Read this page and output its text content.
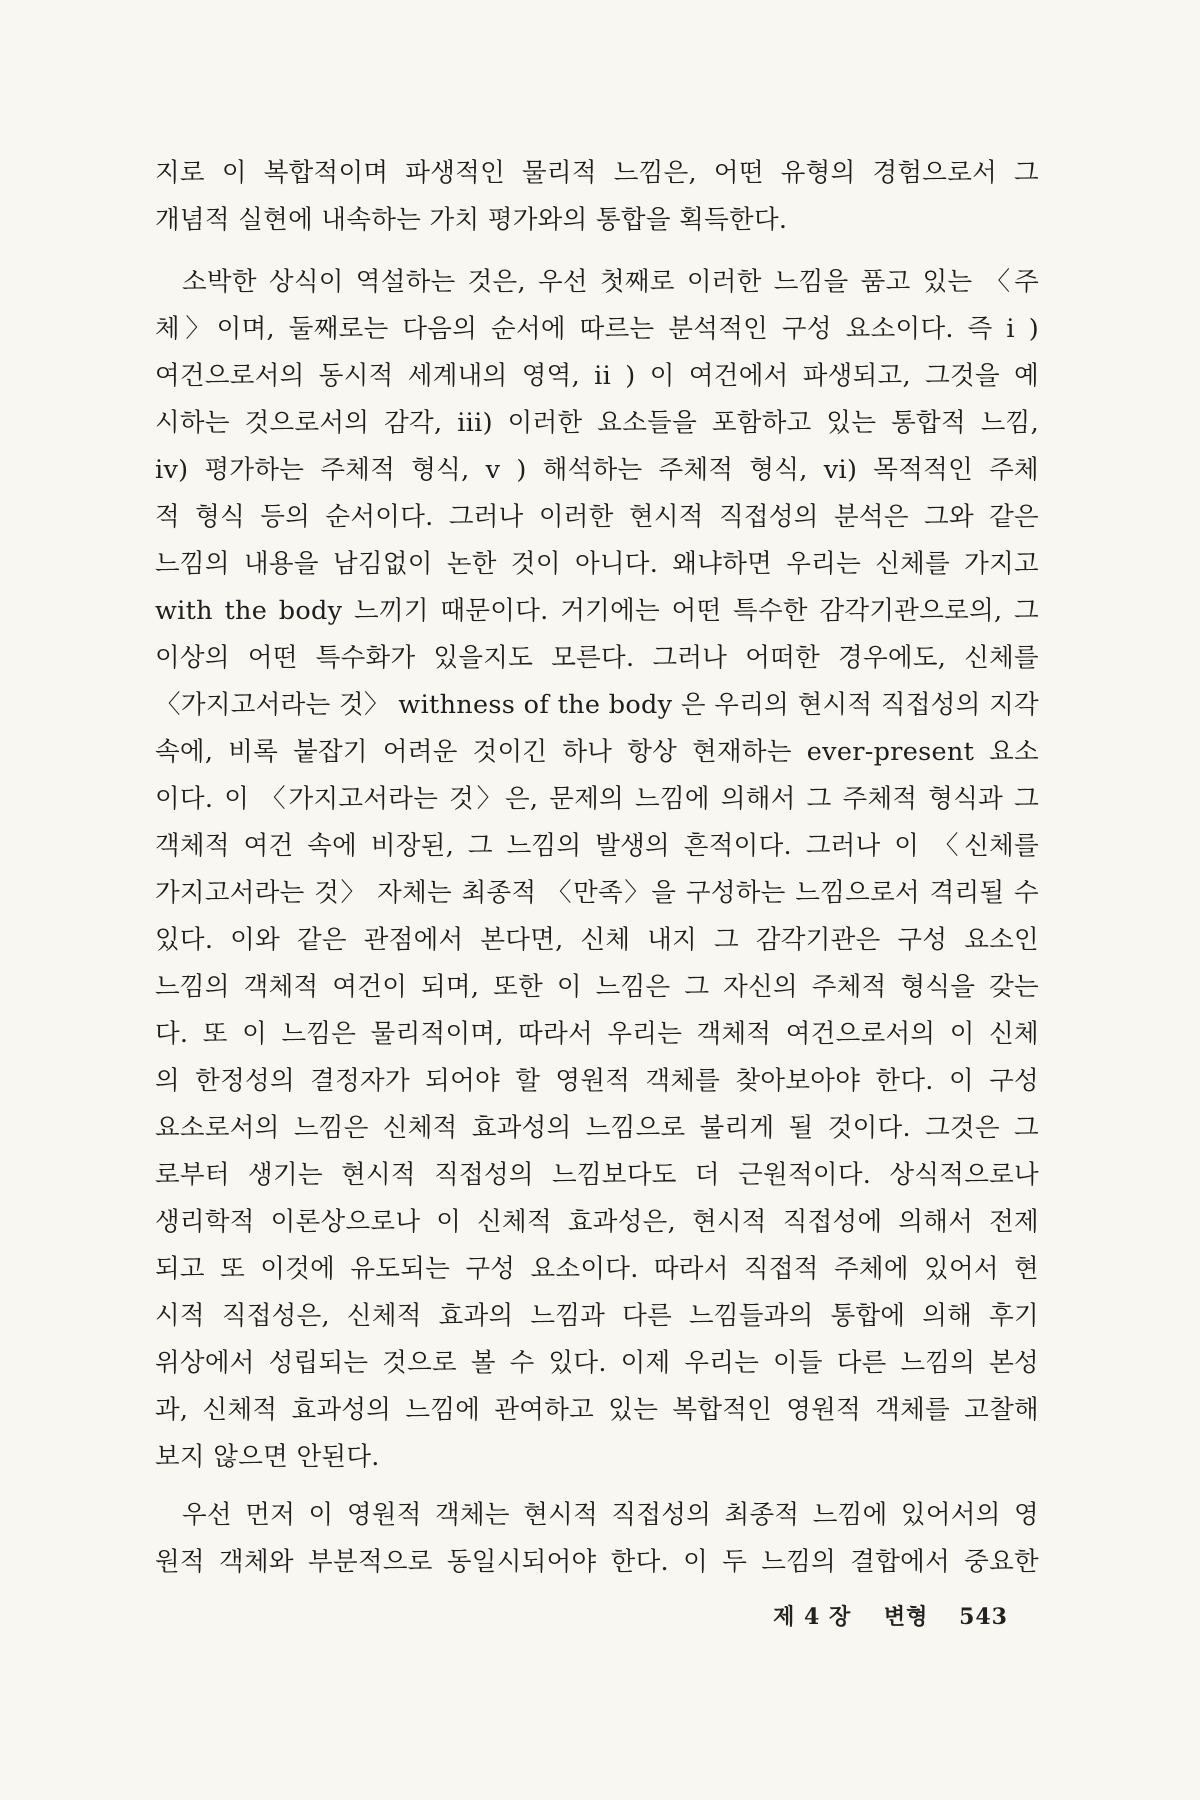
지로 이 복합적이며 파생적인 물리적 느낌은, 어떤 유형의 경험으로서 그
개념적 실현에 내속하는 가치 평가와의 통합을 획득한다.
소박한 상식이 역설하는 것은, 우선 첫째로 이러한 느낌을 품고 있는 〈주
체〉이며, 둘째로는 다음의 순서에 따르는 분석적인 구성 요소이다. 즉 i )
여건으로서의 동시적 세계내의 영역, ii ) 이 여건에서 파생되고, 그것을 예
시하는 것으로서의 감각, iii) 이러한 요소들을 포함하고 있는 통합적 느낌,
iv) 평가하는 주체적 형식, v ) 해석하는 주체적 형식, vi) 목적적인 주체
적 형식 등의 순서이다. 그러나 이러한 현시적 직접성의 분석은 그와 같은
느낌의 내용을 남김없이 논한 것이 아니다. 왜냐하면 우리는 신체를 가지고
with the body 느끼기 때문이다. 거기에는 어떤 특수한 감각기관으로의, 그
이상의 어떤 특수화가 있을지도 모른다. 그러나 어떠한 경우에도, 신체를
〈가지고서라는 것〉 withness of the body 은 우리의 현시적 직접성의 지각
속에, 비록 붙잡기 어려운 것이긴 하나 항상 현재하는 ever-present 요소
이다. 이 〈가지고서라는 것〉은, 문제의 느낌에 의해서 그 주체적 형식과 그
객체적 여건 속에 비장된, 그 느낌의 발생의 흔적이다. 그러나 이 〈신체를
가지고서라는 것〉 자체는 최종적 〈만족〉을 구성하는 느낌으로서 격리될 수
있다. 이와 같은 관점에서 본다면, 신체 내지 그 감각기관은 구성 요소인
느낌의 객체적 여건이 되며, 또한 이 느낌은 그 자신의 주체적 형식을 갖는
다. 또 이 느낌은 물리적이며, 따라서 우리는 객체적 여건으로서의 이 신체
의 한정성의 결정자가 되어야 할 영원적 객체를 찾아보아야 한다. 이 구성
요소로서의 느낌은 신체적 효과성의 느낌으로 불리게 될 것이다. 그것은 그
로부터 생기는 현시적 직접성의 느낌보다도 더 근원적이다. 상식적으로나
생리학적 이론상으로나 이 신체적 효과성은, 현시적 직접성에 의해서 전제
되고 또 이것에 유도되는 구성 요소이다. 따라서 직접적 주체에 있어서 현
시적 직접성은, 신체적 효과의 느낌과 다른 느낌들과의 통합에 의해 후기
위상에서 성립되는 것으로 볼 수 있다. 이제 우리는 이들 다른 느낌의 본성
과, 신체적 효과성의 느낌에 관여하고 있는 복합적인 영원적 객체를 고찰해
보지 않으면 안된다.
우선 먼저 이 영원적 객체는 현시적 직접성의 최종적 느낌에 있어서의 영
원적 객체와 부분적으로 동일시되어야 한다. 이 두 느낌의 결합에서 중요한
제 4 장 변형 543
